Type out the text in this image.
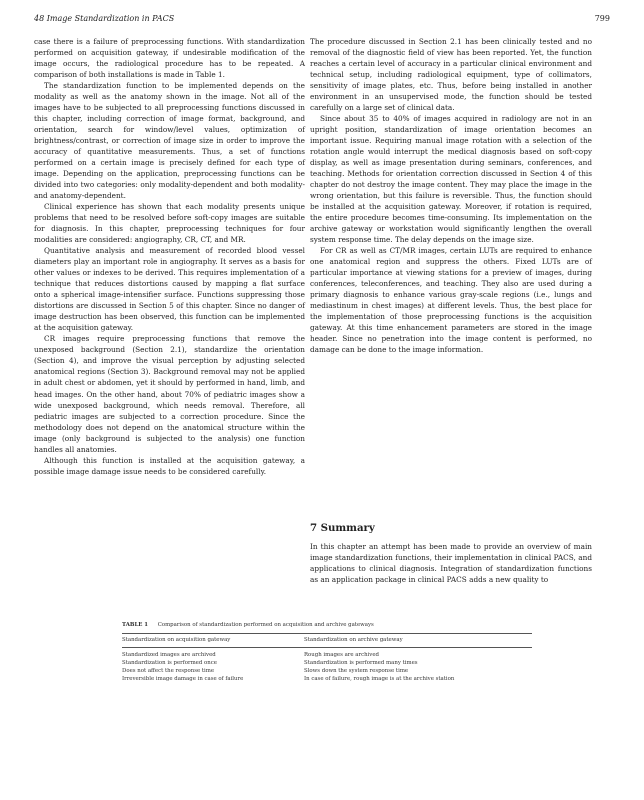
48 Image Standardization in PACS	799

case there is a failure of preprocessing functions. With standardization performed on acquisition gateway, if undesirable modification of the image occurs, the radiological procedure has to be repeated. A comparison of both installations is made in Table 1.

The standardization function to be implemented depends on the modality as well as the anatomy shown in the image. Not all of the images have to be subjected to all preprocessing functions discussed in this chapter, including correction of image format, background, and orientation, search for window/level values, optimization of brightness/contrast, or correction of image size in order to improve the accuracy of quantitative measurements. Thus, a set of functions performed on a certain image is precisely defined for each type of image. Depending on the application, preprocessing functions can be divided into two categories: only modality-dependent and both modality- and anatomy-dependent.

Clinical experience has shown that each modality presents unique problems that need to be resolved before soft-copy images are suitable for diagnosis. In this chapter, preprocessing techniques for four modalities are considered: angiography, CR, CT, and MR.

Quantitative analysis and measurement of recorded blood vessel diameters play an important role in angiography. It serves as a basis for other values or indexes to be derived. This requires implementation of a technique that reduces distortions caused by mapping a flat surface onto a spherical image-intensifier surface. Functions suppressing those distortions are discussed in Section 5 of this chapter. Since no danger of image destruction has been observed, this function can be implemented at the acquisition gateway.

CR images require preprocessing functions that remove the unexposed background (Section 2.1), standardize the orientation (Section 4), and improve the visual perception by adjusting selected anatomical regions (Section 3). Background removal may not be applied in adult chest or abdomen, yet it should by performed in hand, limb, and head images. On the other hand, about 70% of pediatric images show a wide unexposed background, which needs removal. Therefore, all pediatric images are subjected to a correction procedure. Since the methodology does not depend on the anatomical structure within the image (only background is subjected to the analysis) one function handles all anatomies.

Although this function is installed at the acquisition gateway, a possible image damage issue needs to be considered carefully.

The procedure discussed in Section 2.1 has been clinically tested and no removal of the diagnostic field of view has been reported. Yet, the function reaches a certain level of accuracy in a particular clinical environment and technical setup, including radiological equipment, type of collimators, sensitivity of image plates, etc. Thus, before being installed in another environment in an unsupervised mode, the function should be tested carefully on a large set of clinical data.

Since about 35 to 40% of images acquired in radiology are not in an upright position, standardization of image orientation becomes an important issue. Requiring manual image rotation with a selection of the rotation angle would interrupt the medical diagnosis based on soft-copy display, as well as image presentation during seminars, conferences, and teaching. Methods for orientation correction discussed in Section 4 of this chapter do not destroy the image content. They may place the image in the wrong orientation, but this failure is reversible. Thus, the function should be installed at the acquisition gateway. Moreover, if rotation is required, the entire procedure becomes time-consuming. Its implementation on the archive gateway or workstation would significantly lengthen the overall system response time. The delay depends on the image size.

For CR as well as CT/MR images, certain LUTs are required to enhance one anatomical region and suppress the others. Fixed LUTs are of particular importance at viewing stations for a preview of images, during conferences, teleconferences, and teaching. They also are used during a primary diagnosis to enhance various gray-scale regions (i.e., lungs and mediastinum in chest images) at different levels. Thus, the best place for the implementation of those preprocessing functions is the acquisition gateway. At this time enhancement parameters are stored in the image header. Since no penetration into the image content is performed, no damage can be done to the image information.

7 Summary
In this chapter an attempt has been made to provide an overview of main image standardization functions, their implementation in clinical PACS, and applications to clinical diagnosis. Integration of standardization functions as an application package in clinical PACS adds a new quality to
TABLE 1 Comparison of standardization performed on acquisition and archive gateways
Standardization on acquisition gateway	Standardization on archive gateway
Standardized images are archived	Rough images are archived
Standardization is performed once	Standardization is performed many times
Does not affect the response time	Slows down the system response time
Irreversible image damage in case of failure	In case of failure, rough image is at the archive station
